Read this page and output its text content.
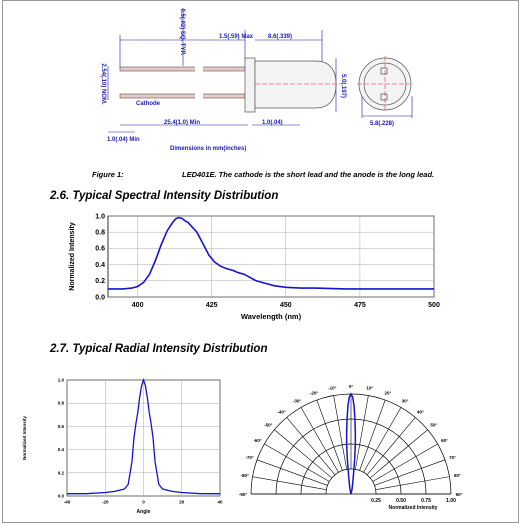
0.5(.02) SQ. TYP.	1.5(.59) Max 8.6(.339)
2.54(.10) NOM.	5.0(.197)
Cathode
25.4(1.0) Min	1.0(.04)	5.8(.228)
1.0(.04) Min
Dimensions in mm(inches)
Figure 1:	LED401E. The cathode is the short lead and the anode is the long lead.
2.6. Typical Spectral Intensity Distribution
400	425	450	475	500
0.0
0.2
0.4
0.6
0.8
1.0
Wavelength (nm)
Normalized Intensity
2.7. Typical Radial Intensity Distribution
-40	-20	0	20	40
0.0
0.2
0.4
0.6
0.8
1.0
Angle
Normalized Intensity
-90°
-80°
-70°
-60°
-50°
-40°
-30°
-20°
-10°	0°	10°
20°
30°
40°
50°
60°
70°
80°
90°
0.25	0.50	0.75	1.00
Normalized Intensity
